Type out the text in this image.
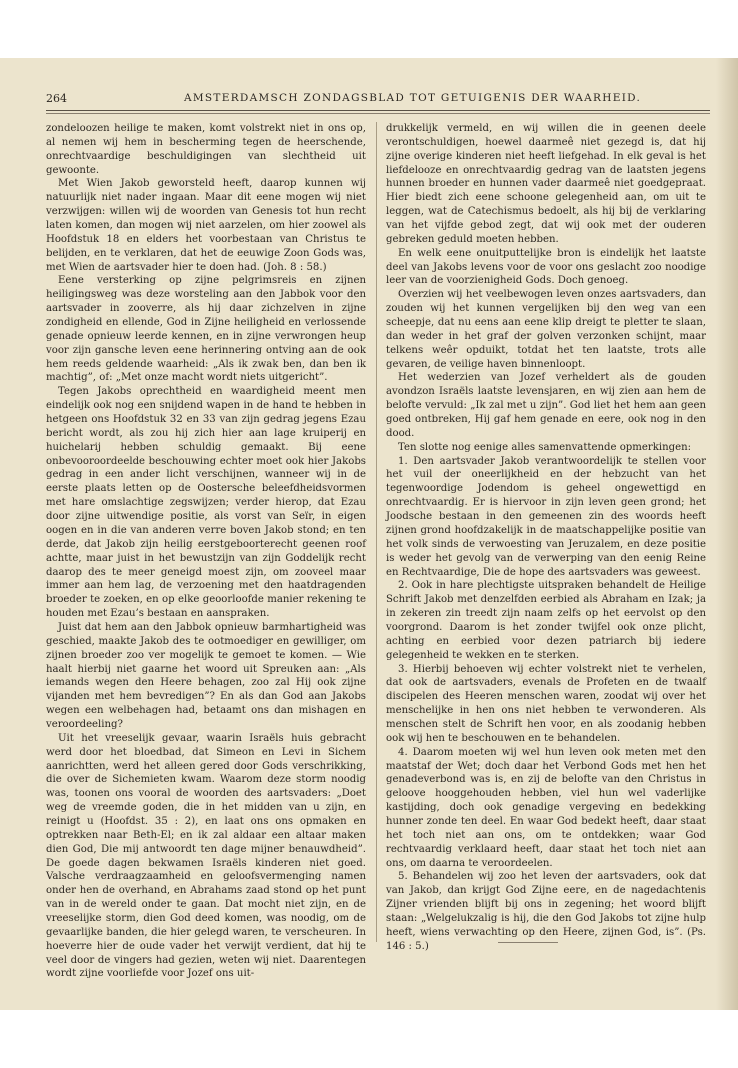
264	AMSTERDAMSCH ZONDAGSBLAD TOT GETUIGENIS DER WAARHEID.

zondeloozen heilige te maken, komt volstrekt niet in ons op, al nemen wij hem in bescherming tegen de heerschende, onrechtvaardige beschuldigingen van slechtheid uit gewoonte.

Met Wien Jakob geworsteld heeft, daarop kunnen wij natuurlijk niet nader ingaan. Maar dit eene mogen wij niet verzwijgen: willen wij de woorden van Genesis tot hun recht laten komen, dan mogen wij niet aarzelen, om hier zoowel als Hoofdstuk 18 en elders het voorbestaan van Christus te belijden, en te verklaren, dat het de eeuwige Zoon Gods was, met Wien de aartsvader hier te doen had. (Joh. 8 : 58.)

Eene versterking op zijne pelgrimsreis en zijnen heiligingsweg was deze worsteling aan den Jabbok voor den aartsvader in zooverre, als hij daar zichzelven in zijne zondigheid en ellende, God in Zijne heiligheid en verlossende genade opnieuw leerde kennen, en in zijne verwrongen heup voor zijn gansche leven eene herinnering ontving aan de ook hem reeds geldende waarheid: „Als ik zwak ben, dan ben ik machtig”, of: „Met onze macht wordt niets uitgericht”.

Tegen Jakobs oprechtheid en waardigheid meent men eindelijk ook nog een snijdend wapen in de hand te hebben in hetgeen ons Hoofdstuk 32 en 33 van zijn gedrag jegens Ezau bericht wordt, als zou hij zich hier aan lage kruiperij en huichelarij hebben schuldig gemaakt. Bij eene onbevooroordeelde beschouwing echter moet ook hier Jakobs gedrag in een ander licht verschijnen, wanneer wij in de eerste plaats letten op de Oostersche beleefdheidsvormen met hare omslachtige zegswijzen; verder hierop, dat Ezau door zijne uitwendige positie, als vorst van Seïr, in eigen oogen en in die van anderen verre boven Jakob stond; en ten derde, dat Jakob zijn heilig eerstgeboorterecht geenen roof achtte, maar juist in het bewustzijn van zijn Goddelijk recht daarop des te meer geneigd moest zijn, om zooveel maar immer aan hem lag, de verzoening met den haatdragenden broeder te zoeken, en op elke geoorloofde manier rekening te houden met Ezau’s bestaan en aanspraken.

Juist dat hem aan den Jabbok opnieuw barmhartigheid was geschied, maakte Jakob des te ootmoediger en gewilliger, om zijnen broeder zoo ver mogelijk te gemoet te komen. — Wie haalt hierbij niet gaarne het woord uit Spreuken aan: „Als iemands wegen den Heere behagen, zoo zal Hij ook zijne vijanden met hem bevredigen”? En als dan God aan Jakobs wegen een welbehagen had, betaamt ons dan mishagen en veroordeeling?

Uit het vreeselijk gevaar, waarin Israëls huis gebracht werd door het bloedbad, dat Simeon en Levi in Sichem aanrichtten, werd het alleen gered door Gods verschrikking, die over de Sichemieten kwam. Waarom deze storm noodig was, toonen ons vooral de woorden des aartsvaders: „Doet weg de vreemde goden, die in het midden van u zijn, en reinigt u (Hoofdst. 35 : 2), en laat ons ons opmaken en optrekken naar Beth-El; en ik zal aldaar een altaar maken dien God, Die mij antwoordt ten dage mijner benauwdheid”. De goede dagen bekwamen Israëls kinderen niet goed. Valsche verdraagzaamheid en geloofsvermenging namen onder hen de overhand, en Abrahams zaad stond op het punt van in de wereld onder te gaan. Dat mocht niet zijn, en de vreeselijke storm, dien God deed komen, was noodig, om de gevaarlijke banden, die hier gelegd waren, te verscheuren. In hoeverre hier de oude vader het verwijt verdient, dat hij te veel door de vingers had gezien, weten wij niet. Daarentegen wordt zijne voorliefde voor Jozef ons uit-

drukkelijk vermeld, en wij willen die in geenen deele verontschuldigen, hoewel daarmeê niet gezegd is, dat hij zijne overige kinderen niet heeft liefgehad. In elk geval is het liefdelooze en onrechtvaardig gedrag van de laatsten jegens hunnen broeder en hunnen vader daarmeê niet goedgepraat. Hier biedt zich eene schoone gelegenheid aan, om uit te leggen, wat de Catechismus bedoelt, als hij bij de verklaring van het vijfde gebod zegt, dat wij ook met der ouderen gebreken geduld moeten hebben.

En welk eene onuitputtelijke bron is eindelijk het laatste deel van Jakobs levens voor de voor ons geslacht zoo noodige leer van de voorzienigheid Gods. Doch genoeg.

Overzien wij het veelbewogen leven onzes aartsvaders, dan zouden wij het kunnen vergelijken bij den weg van een scheepje, dat nu eens aan eene klip dreigt te pletter te slaan, dan weder in het graf der golven verzonken schijnt, maar telkens weêr opduikt, totdat het ten laatste, trots alle gevaren, de veilige haven binnenloopt.

Het wederzien van Jozef verheldert als de gouden avondzon Israëls laatste levensjaren, en wij zien aan hem de belofte vervuld: „Ik zal met u zijn”. God liet het hem aan geen goed ontbreken, Hij gaf hem genade en eere, ook nog in den dood.

Ten slotte nog eenige alles samenvattende opmerkingen:

1. Den aartsvader Jakob verantwoordelijk te stellen voor het vuil der oneerlijkheid en der hebzucht van het tegenwoordige Jodendom is geheel ongewettigd en onrechtvaardig. Er is hiervoor in zijn leven geen grond; het Joodsche bestaan in den gemeenen zin des woords heeft zijnen grond hoofdzakelijk in de maatschappelijke positie van het volk sinds de verwoesting van Jeruzalem, en deze positie is weder het gevolg van de verwerping van den eenig Reine en Rechtvaardige, Die de hope des aartsvaders was geweest.

2. Ook in hare plechtigste uitspraken behandelt de Heilige Schrift Jakob met denzelfden eerbied als Abraham en Izak; ja in zekeren zin treedt zijn naam zelfs op het eervolst op den voorgrond. Daarom is het zonder twijfel ook onze plicht, achting en eerbied voor dezen patriarch bij iedere gelegenheid te wekken en te sterken.

3. Hierbij behoeven wij echter volstrekt niet te verhelen, dat ook de aartsvaders, evenals de Profeten en de twaalf discipelen des Heeren menschen waren, zoodat wij over het menschelijke in hen ons niet hebben te verwonderen. Als menschen stelt de Schrift hen voor, en als zoodanig hebben ook wij hen te beschouwen en te behandelen.

4. Daarom moeten wij wel hun leven ook meten met den maatstaf der Wet; doch daar het Verbond Gods met hen het genadeverbond was is, en zij de belofte van den Christus in geloove hooggehouden hebben, viel hun wel vaderlijke kastijding, doch ook genadige vergeving en bedekking hunner zonde ten deel. En waar God bedekt heeft, daar staat het toch niet aan ons, om te ontdekken; waar God rechtvaardig verklaard heeft, daar staat het toch niet aan ons, om daarna te veroordeelen.

5. Behandelen wij zoo het leven der aartsvaders, ook dat van Jakob, dan krijgt God Zijne eere, en de nagedachtenis Zijner vrienden blijft bij ons in zegening; het woord blijft staan: „Welgelukzalig is hij, die den God Jakobs tot zijne hulp heeft, wiens verwachting op den Heere, zijnen God, is”. (Ps. 146 : 5.)
